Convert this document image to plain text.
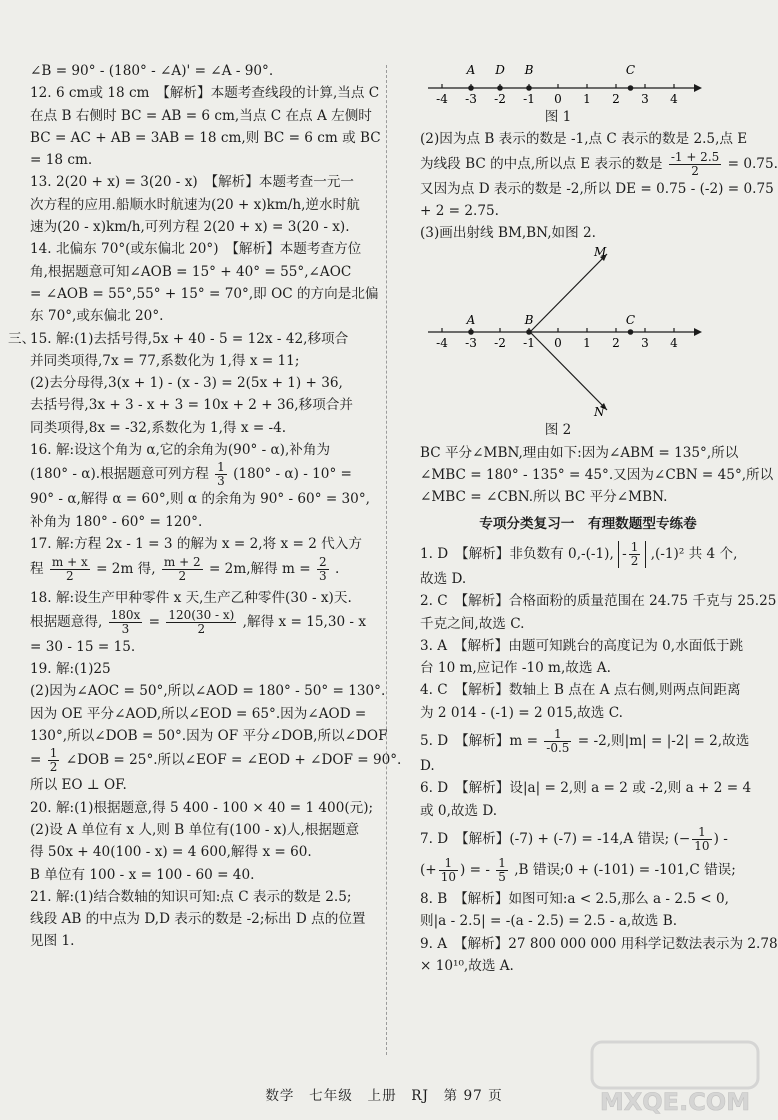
∠B = 90° - (180° - ∠A)' = ∠A - 90°.
12. 6 cm或 18 cm　【解析】本题考查线段的计算,当点 C
在点 B 右侧时 BC = AB = 6 cm,当点 C 在点 A 左侧时
BC = AC + AB = 3AB = 18 cm,则 BC = 6 cm 或 BC
= 18 cm.
13. 2(20 + x) = 3(20 - x)　【解析】本题考查一元一
次方程的应用.船顺水时航速为(20 + x)km/h,逆水时航
速为(20 - x)km/h,可列方程 2(20 + x) = 3(20 - x).
14. 北偏东 70°(或东偏北 20°)　【解析】本题考查方位
角,根据题意可知∠AOB = 15° + 40° = 55°,∠AOC
= ∠AOB = 55°,55° + 15° = 70°,即 OC 的方向是北偏
东 70°,或东偏北 20°.
三、
15. 解:(1)去括号得,5x + 40 - 5 = 12x - 42,移项合
并同类项得,7x = 77,系数化为 1,得 x = 11;
(2)去分母得,3(x + 1) - (x - 3) = 2(5x + 1) + 36,
去括号得,3x + 3 - x + 3 = 10x + 2 + 36,移项合并
同类项得,8x = -32,系数化为 1,得 x = -4.
16. 解:设这个角为 α,它的余角为(90° - α),补角为
(180° - α).根据题意可列方程 $\frac{1}{3} (180^\circ - \alpha) - 10^\circ$ =
90° - α,解得 α = 60°,则 α 的余角为 90° - 60° = 30°,
补角为 180° - 60° = 120°.
17. 解:方程 2x - 1 = 3 的解为 x = 2,将 x = 2 代入方

程 $\frac{m + x}{2} = 2m$ 得, $\frac{m + 2}{2} = 2m$,解得 $m = \frac{2}{3}$ .
18. 解:设生产甲种零件 x 天,生产乙种零件(30 - x)天.
根据题意得, $\frac{180x}{3} = \frac{120(30 - x)}{2}$ ,解得 x = 15,30 - x
= 30 - 15 = 15.
19. 解:(1)25
(2)因为∠AOC = 50°,所以∠AOD = 180° - 50° = 130°.
因为 OE 平分∠AOD,所以∠EOD = 65°.因为∠AOD =
130°,所以∠DOB = 50°.因为 OF 平分∠DOB,所以∠DOF
= $\frac{1}{2}$ ∠DOB = 25°.所以∠EOF = ∠EOD + ∠DOF = 90°.
所以 EO ⊥ OF.
20. 解:(1)根据题意,得 5 400 - 100 × 40 = 1 400(元);
(2)设 A 单位有 x 人,则 B 单位有(100 - x)人,根据题意
得 50x + 40(100 - x) = 4 600,解得 x = 60.
B 单位有 100 - x = 100 - 60 = 40.
21. 解:(1)结合数轴的知识可知:点 C 表示的数是 2.5;
线段 AB 的中点为 D,D 表示的数是 -2;标出 D 点的位置
见图 1.
-4 -3 -2 -1 0 1 2 3 4
A D B	C
图 1
(2)因为点 B 表示的数是 -1,点 C 表示的数是 2.5,点 E
为线段 BC 的中点,所以点 E 表示的数是 $\frac{-1 + 2.5}{2} = 0.75$.
又因为点 D 表示的数是 -2,所以 DE = 0.75 - (-2) = 0.75
+ 2 = 2.75.
(3)画出射线 BM,BN,如图 2.
-4 -3 -2 -1 0 1 2 3 4
A	B	C
M
N
图 2
BC 平分∠MBN,理由如下:因为∠ABM = 135°,所以
∠MBC = 180° - 135° = 45°.又因为∠CBN = 45°,所以
∠MBC = ∠CBN.所以 BC 平分∠MBN.
专项分类复习一　有理数题型专练卷
1. D　【解析】非负数有 0,-(-1), - $\frac{1}{2} ,(-1)^2$ 共 4 个,
故选 D.
2. C　【解析】合格面粉的质量范围在 24.75 千克与 25.25
千克之间,故选 C.
3. A　【解析】由题可知跳台的高度记为 0,水面低于跳
台 10 m,应记作 -10 m,故选 A.
4. C　【解析】数轴上 B 点在 A 点右侧,则两点间距离
为 2 014 - (-1) = 2 015,故选 C.
5. D　【解析】$m = \frac{1}{-0.5} = -2$,则|m| = |-2| = 2,故选
D.
6. D　【解析】设|a| = 2,则 a = 2 或 -2,则 a + 2 = 4
或 0,故选 D.
7. D　【解析】(-7) + (-7) = -14,A 错误; (− $\frac{1}{10}$ ) -
(+ $\frac{1}{10}$ ) = - $\frac{1}{5} ,B$ 错误;0 + (-101) = -101,C 错误;
8. B　【解析】如图可知:a < 2.5,那么 a - 2.5 < 0,
则|a - 2.5| = -(a - 2.5) = 2.5 - a,故选 B.
9. A　【解析】27 800 000 000 用科学记数法表示为 2.78
× 10¹⁰,故选 A.
数学　七年级　上册　RJ　第 97 页	MXQE.COM
